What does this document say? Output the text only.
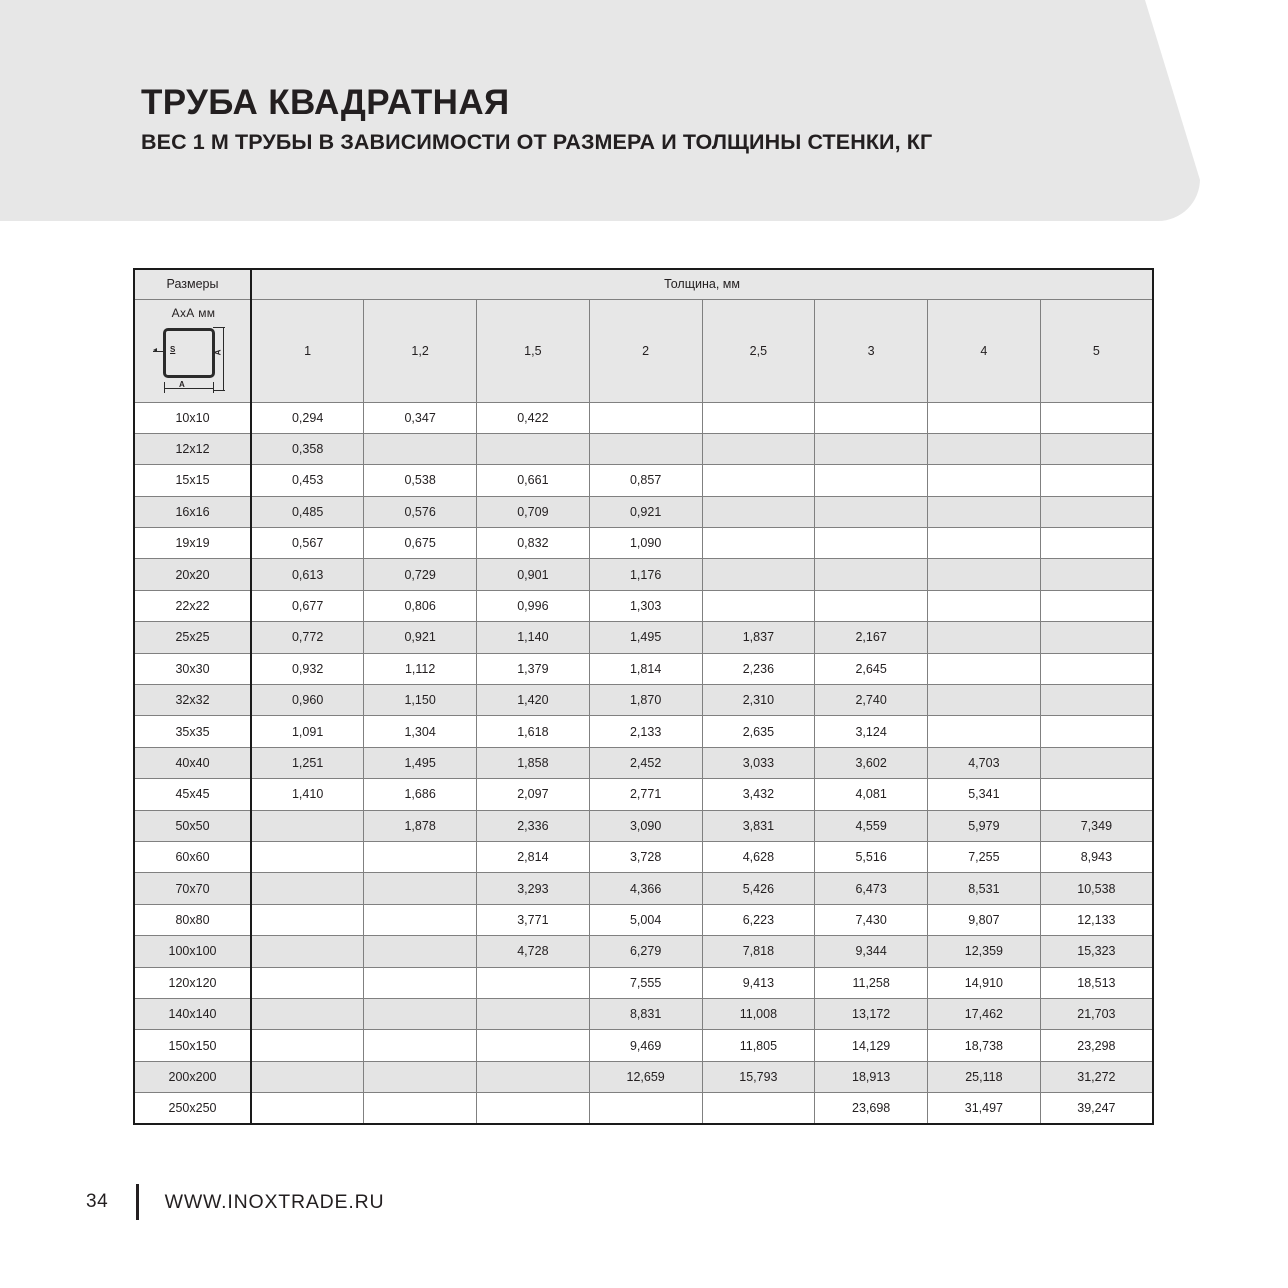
ТРУБА КВАДРАТНАЯ
ВЕС 1 М ТРУБЫ В ЗАВИСИМОСТИ ОТ РАЗМЕРА И ТОЛЩИНЫ СТЕНКИ, КГ
Размеры	Толщина, мм							

АхА мм
S
A
A	1	1,2	1,5	2	2,5	3	4	5
10x10	0,294	0,347	0,422					
12x12	0,358							
15x15	0,453	0,538	0,661	0,857				
16x16	0,485	0,576	0,709	0,921				
19x19	0,567	0,675	0,832	1,090				
20x20	0,613	0,729	0,901	1,176				
22x22	0,677	0,806	0,996	1,303				
25x25	0,772	0,921	1,140	1,495	1,837	2,167		
30x30	0,932	1,112	1,379	1,814	2,236	2,645		
32x32	0,960	1,150	1,420	1,870	2,310	2,740		
35x35	1,091	1,304	1,618	2,133	2,635	3,124		
40x40	1,251	1,495	1,858	2,452	3,033	3,602	4,703	
45x45	1,410	1,686	2,097	2,771	3,432	4,081	5,341	
50x50		1,878	2,336	3,090	3,831	4,559	5,979	7,349
60x60			2,814	3,728	4,628	5,516	7,255	8,943
70x70			3,293	4,366	5,426	6,473	8,531	10,538
80x80			3,771	5,004	6,223	7,430	9,807	12,133
100x100			4,728	6,279	7,818	9,344	12,359	15,323
120x120				7,555	9,413	11,258	14,910	18,513
140x140				8,831	11,008	13,172	17,462	21,703
150x150				9,469	11,805	14,129	18,738	23,298
200x200				12,659	15,793	18,913	25,118	31,272
250x250						23,698	31,497	39,247
34	WWW.INOXTRADE.RU
